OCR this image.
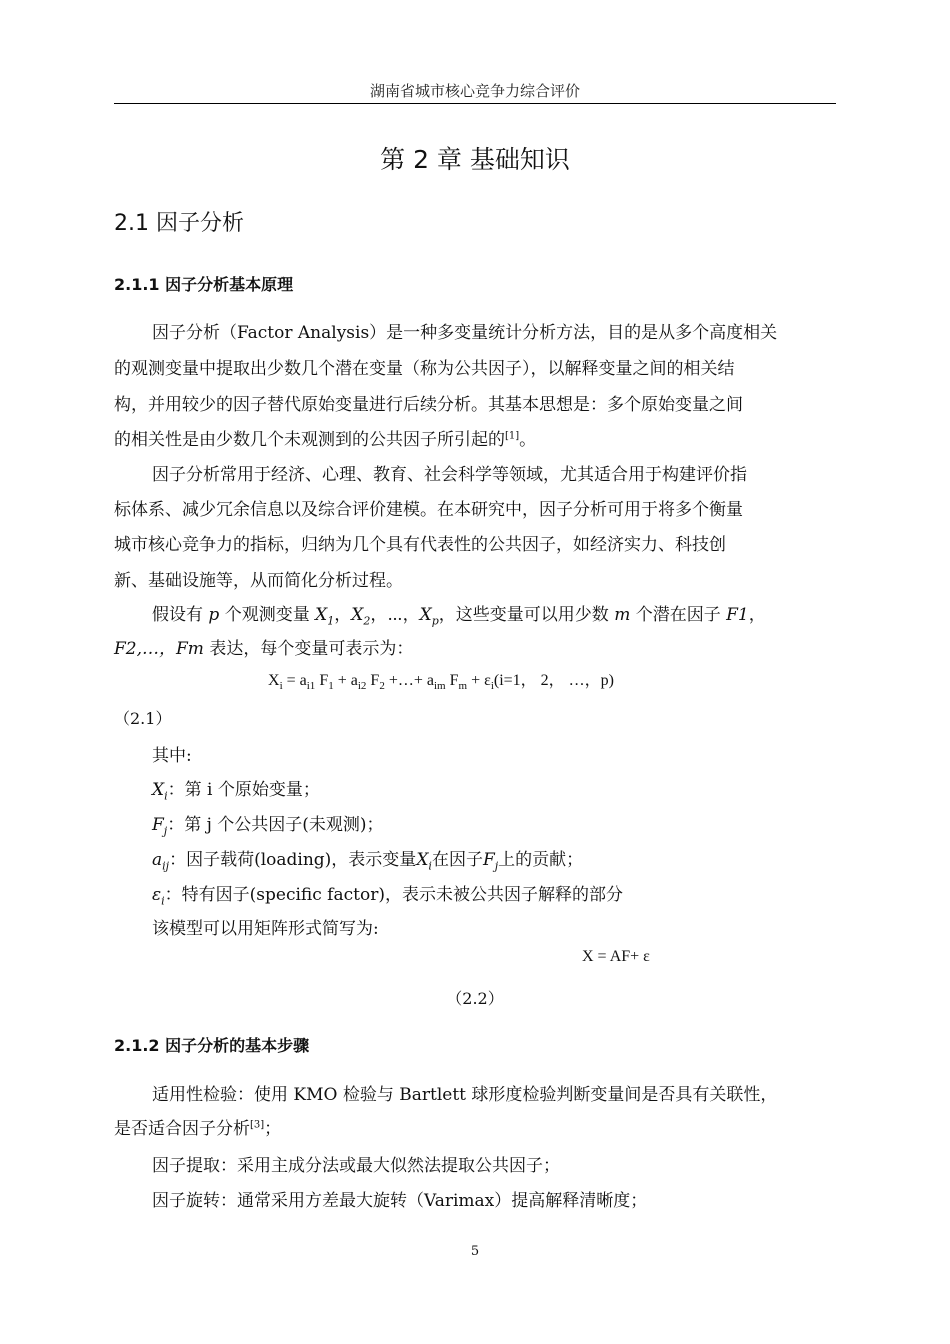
湖南省城市核心竞争力综合评价
第 2 章 基础知识
2.1 因子分析
2.1.1 因子分析基本原理
因子分析（Factor Analysis）是一种多变量统计分析方法，目的是从多个高度相关
的观测变量中提取出少数几个潜在变量（称为公共因子），以解释变量之间的相关结
构，并用较少的因子替代原始变量进行后续分析。其基本思想是：多个原始变量之间
的相关性是由少数几个未观测到的公共因子所引起的[1]。
因子分析常用于经济、心理、教育、社会科学等领域，尤其适合用于构建评价指
标体系、减少冗余信息以及综合评价建模。在本研究中，因子分析可用于将多个衡量
城市核心竞争力的指标，归纳为几个具有代表性的公共因子，如经济实力、科技创
新、基础设施等，从而简化分析过程。
假设有 p 个观测变量 $X_1$，$X_2$，⋯，$X_p$，这些变量可以用少数 m 个潜在因子 F1，
F2,…，Fm 表达，每个变量可表示为：
$X_i = a_{i1}$ $F_1 + a_{i2}$ $F_2$ +…+ $a_{im}$ $F_m + \varepsilon_i(i=1$， 2， …，p)
（2.1）
其中:
$X_i$：第 i 个原始变量；
$F_j$：第 j 个公共因子(未观测)；
$a_{ij}$：因子载荷(loading)，表示变量$X_i$在因子$F_j$上的贡献；
$\varepsilon_i$：特有因子(specific factor)，表示未被公共因子解释的部分
该模型可以用矩阵形式简写为:
X = AF+ ε
（2.2）
2.1.2 因子分析的基本步骤
适用性检验：使用 KMO 检验与 Bartlett 球形度检验判断变量间是否具有关联性，
是否适合因子分析[3]；
因子提取：采用主成分法或最大似然法提取公共因子；
因子旋转：通常采用方差最大旋转（Varimax）提高解释清晰度；
5
